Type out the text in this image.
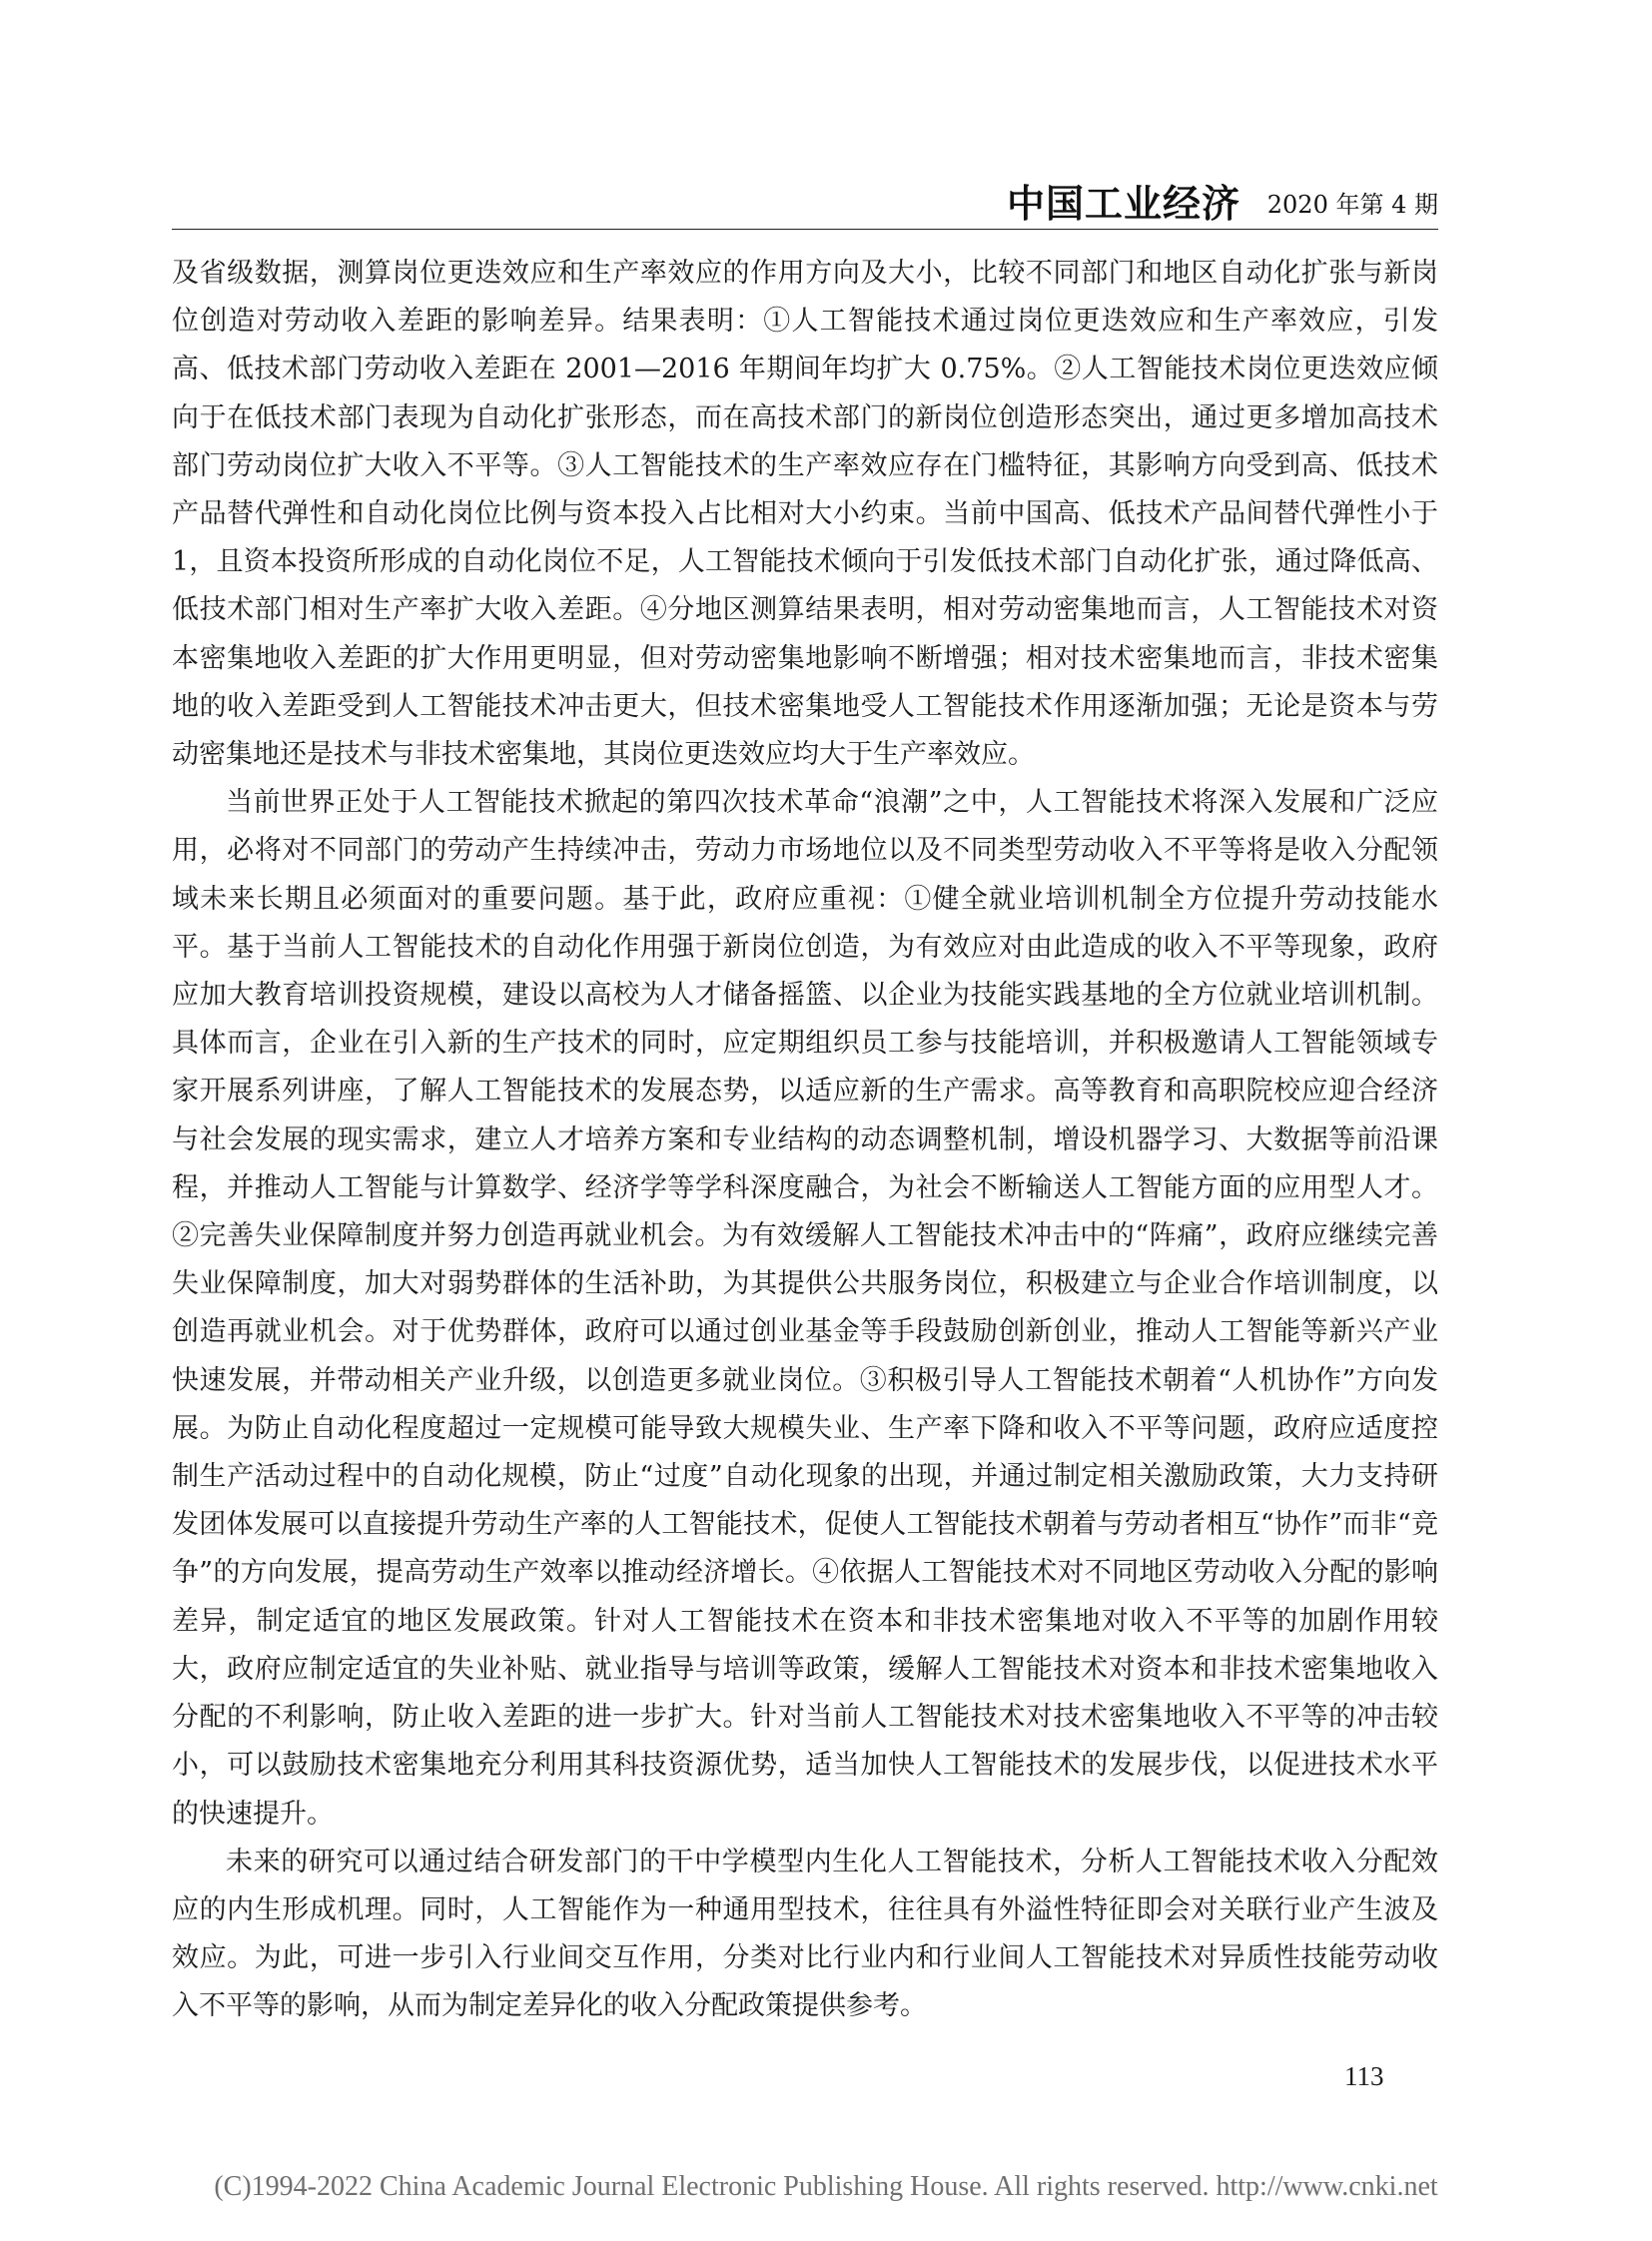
中国工业经济 2020 年第 4 期

及省级数据，测算岗位更迭效应和生产率效应的作用方向及大小，比较不同部门和地区自动化扩张与新岗位创造对劳动收入差距的影响差异。结果表明：①人工智能技术通过岗位更迭效应和生产率效应，引发高、低技术部门劳动收入差距在 2001—2016 年期间年均扩大 0.75%。②人工智能技术岗位更迭效应倾向于在低技术部门表现为自动化扩张形态，而在高技术部门的新岗位创造形态突出，通过更多增加高技术部门劳动岗位扩大收入不平等。③人工智能技术的生产率效应存在门槛特征，其影响方向受到高、低技术产品替代弹性和自动化岗位比例与资本投入占比相对大小约束。当前中国高、低技术产品间替代弹性小于 1，且资本投资所形成的自动化岗位不足，人工智能技术倾向于引发低技术部门自动化扩张，通过降低高、低技术部门相对生产率扩大收入差距。④分地区测算结果表明，相对劳动密集地而言，人工智能技术对资本密集地收入差距的扩大作用更明显，但对劳动密集地影响不断增强；相对技术密集地而言，非技术密集地的收入差距受到人工智能技术冲击更大，但技术密集地受人工智能技术作用逐渐加强；无论是资本与劳动密集地还是技术与非技术密集地，其岗位更迭效应均大于生产率效应。

当前世界正处于人工智能技术掀起的第四次技术革命“浪潮”之中，人工智能技术将深入发展和广泛应用，必将对不同部门的劳动产生持续冲击，劳动力市场地位以及不同类型劳动收入不平等将是收入分配领域未来长期且必须面对的重要问题。基于此，政府应重视：①健全就业培训机制全方位提升劳动技能水平。基于当前人工智能技术的自动化作用强于新岗位创造，为有效应对由此造成的收入不平等现象，政府应加大教育培训投资规模，建设以高校为人才储备摇篮、以企业为技能实践基地的全方位就业培训机制。具体而言，企业在引入新的生产技术的同时，应定期组织员工参与技能培训，并积极邀请人工智能领域专家开展系列讲座，了解人工智能技术的发展态势，以适应新的生产需求。高等教育和高职院校应迎合经济与社会发展的现实需求，建立人才培养方案和专业结构的动态调整机制，增设机器学习、大数据等前沿课程，并推动人工智能与计算数学、经济学等学科深度融合，为社会不断输送人工智能方面的应用型人才。②完善失业保障制度并努力创造再就业机会。为有效缓解人工智能技术冲击中的“阵痛”，政府应继续完善失业保障制度，加大对弱势群体的生活补助，为其提供公共服务岗位，积极建立与企业合作培训制度，以创造再就业机会。对于优势群体，政府可以通过创业基金等手段鼓励创新创业，推动人工智能等新兴产业快速发展，并带动相关产业升级，以创造更多就业岗位。③积极引导人工智能技术朝着“人机协作”方向发展。为防止自动化程度超过一定规模可能导致大规模失业、生产率下降和收入不平等问题，政府应适度控制生产活动过程中的自动化规模，防止“过度”自动化现象的出现，并通过制定相关激励政策，大力支持研发团体发展可以直接提升劳动生产率的人工智能技术，促使人工智能技术朝着与劳动者相互“协作”而非“竞争”的方向发展，提高劳动生产效率以推动经济增长。④依据人工智能技术对不同地区劳动收入分配的影响差异，制定适宜的地区发展政策。针对人工智能技术在资本和非技术密集地对收入不平等的加剧作用较大，政府应制定适宜的失业补贴、就业指导与培训等政策，缓解人工智能技术对资本和非技术密集地收入分配的不利影响，防止收入差距的进一步扩大。针对当前人工智能技术对技术密集地收入不平等的冲击较小，可以鼓励技术密集地充分利用其科技资源优势，适当加快人工智能技术的发展步伐，以促进技术水平的快速提升。

未来的研究可以通过结合研发部门的干中学模型内生化人工智能技术，分析人工智能技术收入分配效应的内生形成机理。同时，人工智能作为一种通用型技术，往往具有外溢性特征即会对关联行业产生波及效应。为此，可进一步引入行业间交互作用，分类对比行业内和行业间人工智能技术对异质性技能劳动收入不平等的影响，从而为制定差异化的收入分配政策提供参考。

113
(C)1994-2022 China Academic Journal Electronic Publishing House. All rights reserved. http://www.cnki.net
